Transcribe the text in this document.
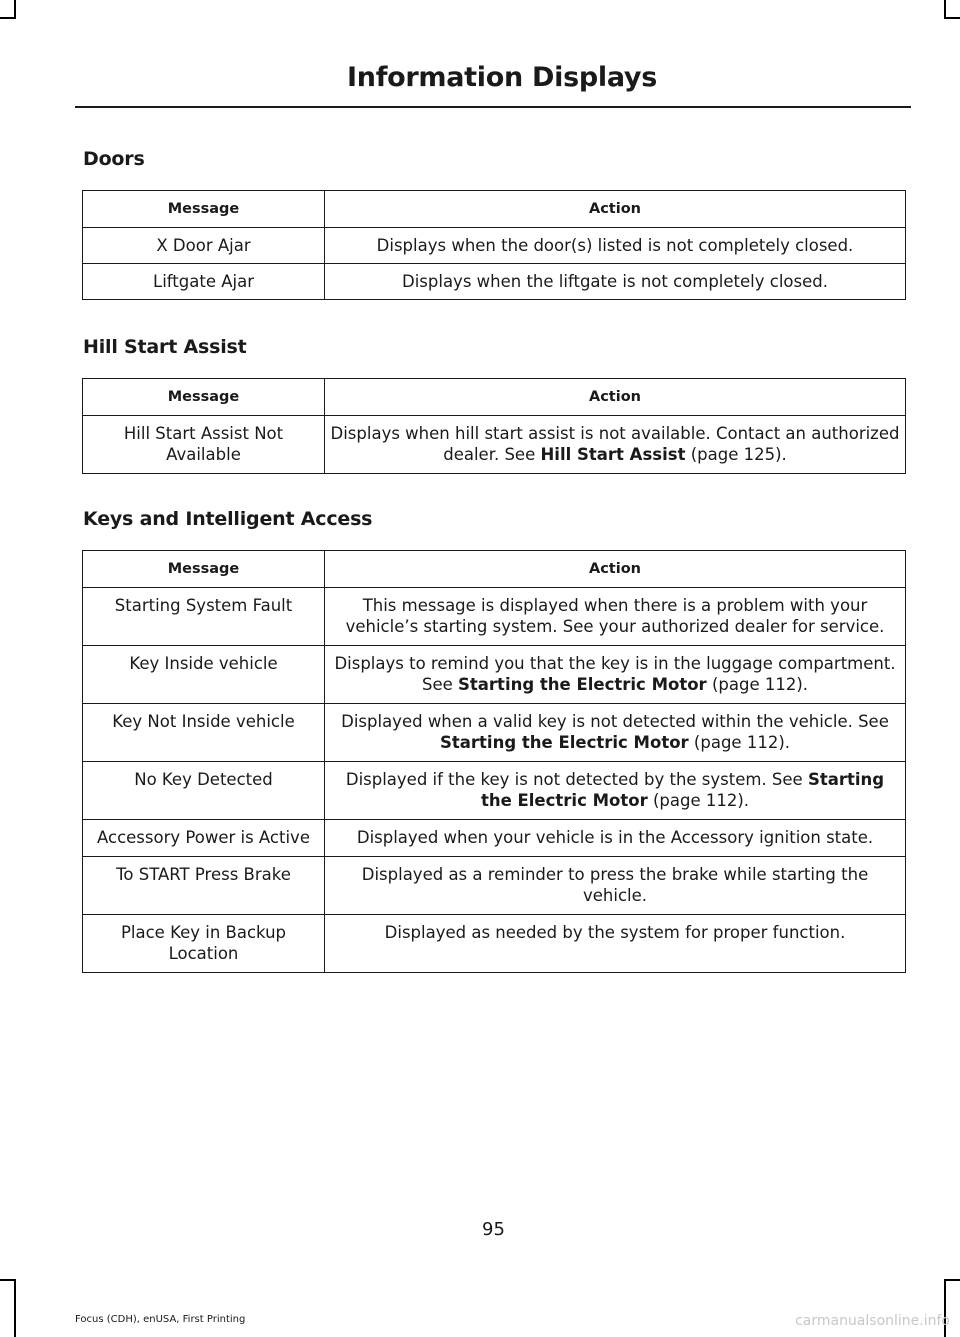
Information Displays
Doors
Message	Action
X Door Ajar	Displays when the door(s) listed is not completely closed.
Liftgate Ajar	Displays when the liftgate is not completely closed.
Hill Start Assist
Message	Action
Hill Start Assist Not Available	Displays when hill start assist is not available. Contact an authorized dealer. See Hill Start Assist (page 125).
Keys and Intelligent Access
Message	Action
Starting System Fault	This message is displayed when there is a problem with your vehicle’s starting system. See your authorized dealer for service.
Key Inside vehicle	Displays to remind you that the key is in the luggage compartment. See Starting the Electric Motor (page 112).
Key Not Inside vehicle	Displayed when a valid key is not detected within the vehicle. See Starting the Electric Motor (page 112).
No Key Detected	Displayed if the key is not detected by the system. See Starting the Electric Motor (page 112).
Accessory Power is Active	Displayed when your vehicle is in the Accessory ignition state.
To START Press Brake	Displayed as a reminder to press the brake while starting the vehicle.
Place Key in Backup Location	Displayed as needed by the system for proper function.
95
Focus (CDH), enUSA, First Printing	carmanualsonline.info
